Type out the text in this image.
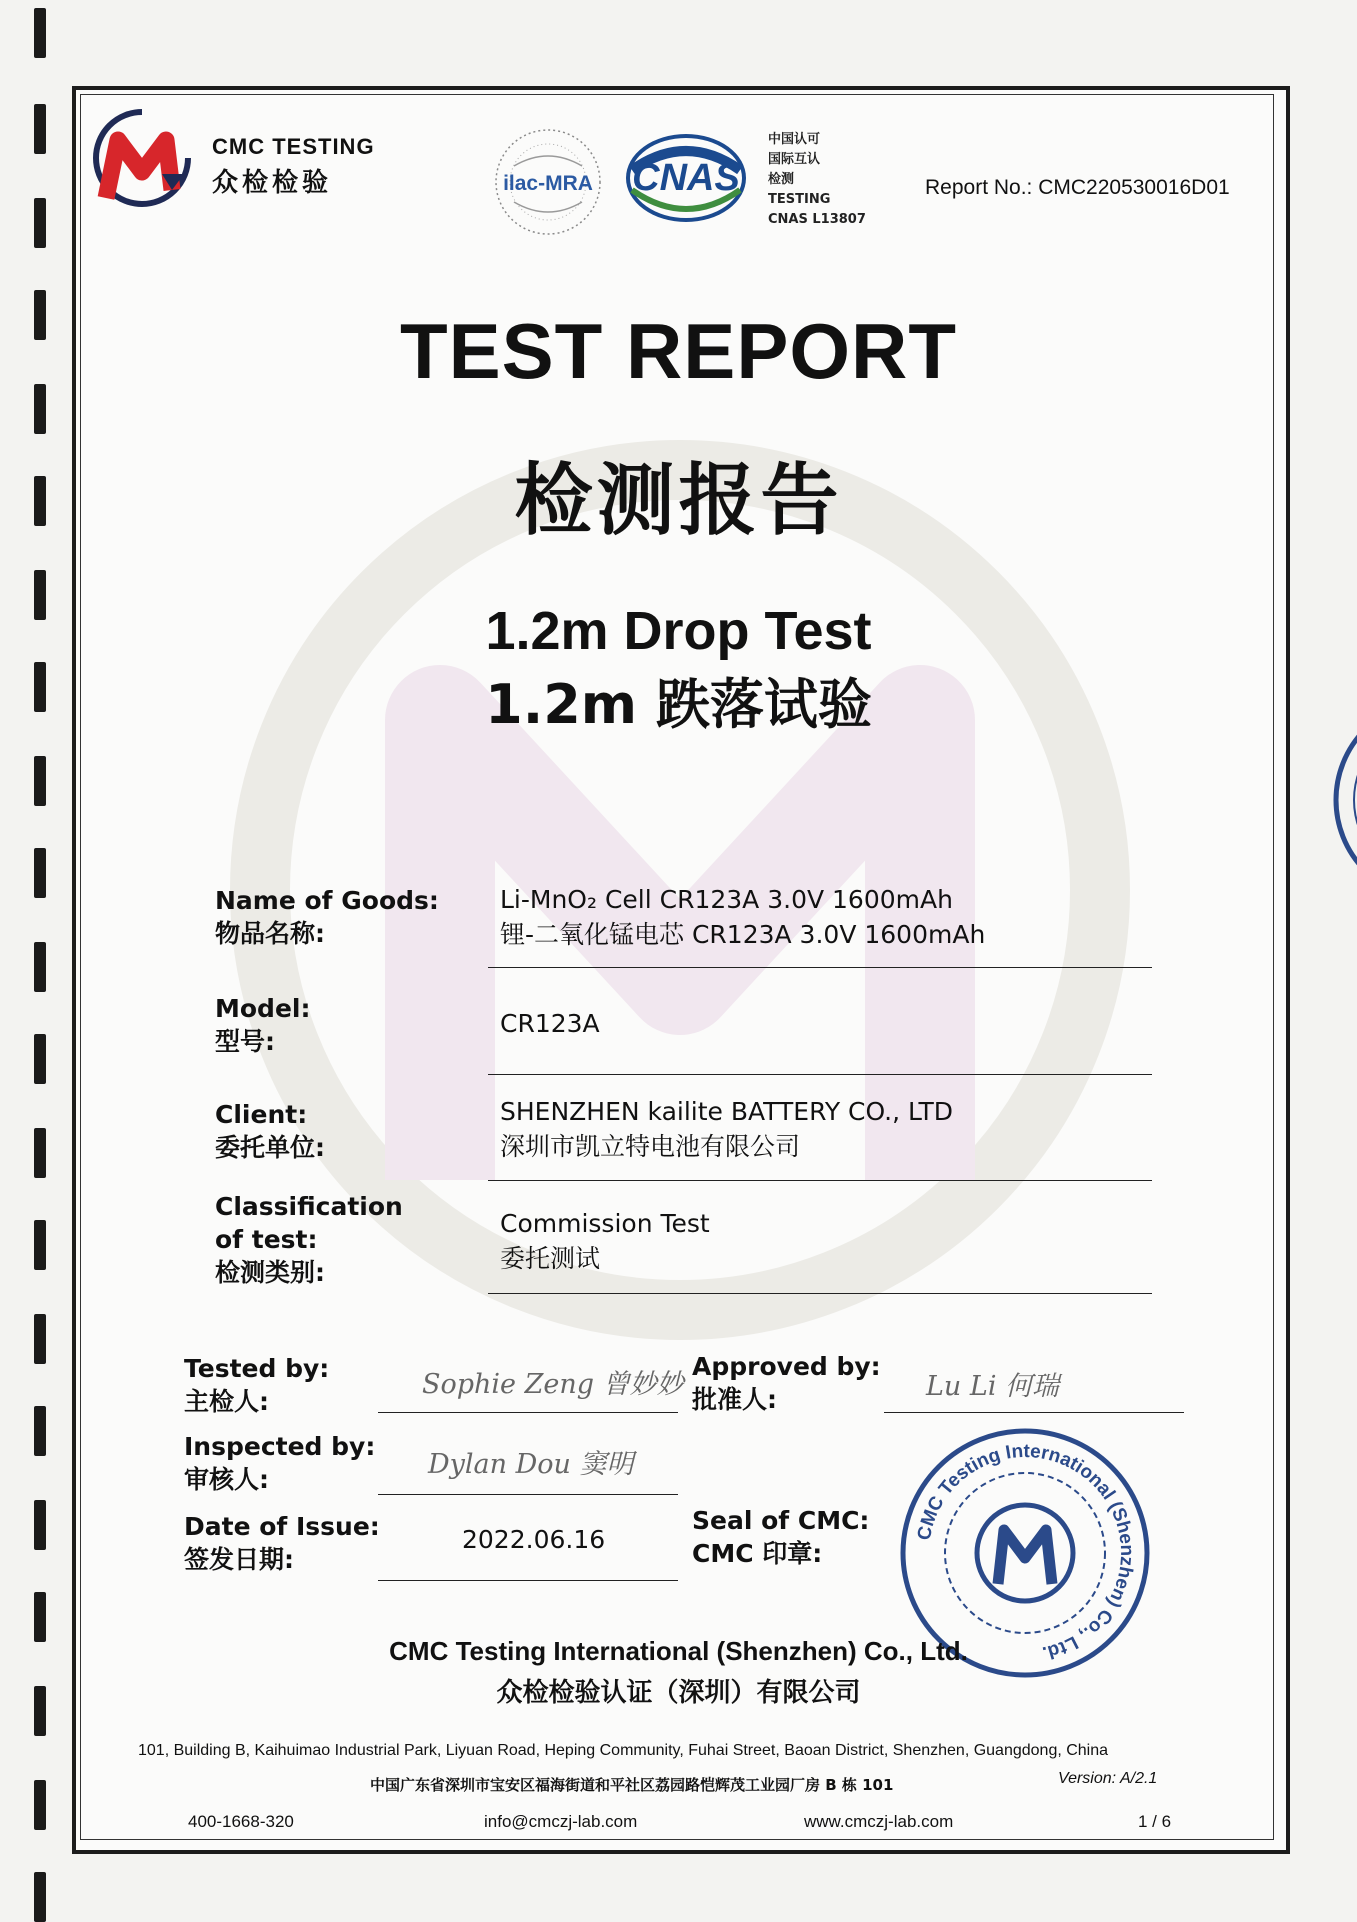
CMC TESTING
众检检验	ilac-MRA CNAS
中国认可
国际互认
检测
TESTING
CNAS L13807
Report No.: CMC220530016D01
TEST REPORT
检测报告
1.2m Drop Test
1.2m 跌落试验
Name of Goods:
物品名称:
Li-MnO₂ Cell CR123A 3.0V 1600mAh
锂-二氧化锰电芯 CR123A 3.0V 1600mAh
Model:
型号:
CR123A
Client:
委托单位:
SHENZHEN kailite BATTERY CO., LTD
深圳市凯立特电池有限公司
Classification
of test:
检测类别:
Commission Test
委托测试
Tested by:
主检人:
Sophie Zeng 曾妙妙
Inspected by:
审核人:	Dylan Dou 窦明
Date of Issue:
签发日期:
2022.06.16
Approved by:
批准人:	Lu Li 何瑞
Seal of CMC:
CMC 印章:
CMC Testing International (Shenzhen) Co., Ltd.
CMC Testing International (Shenzhen) Co., Ltd.
众检检验认证（深圳）有限公司
101, Building B, Kaihuimao Industrial Park, Liyuan Road, Heping Community, Fuhai Street, Baoan District, Shenzhen, Guangdong, China
中国广东省深圳市宝安区福海街道和平社区荔园路恺辉茂工业园厂房 B 栋 101	Version: A/2.1
400-1668-320	info@cmczj-lab.com	www.cmczj-lab.com	1 / 6
